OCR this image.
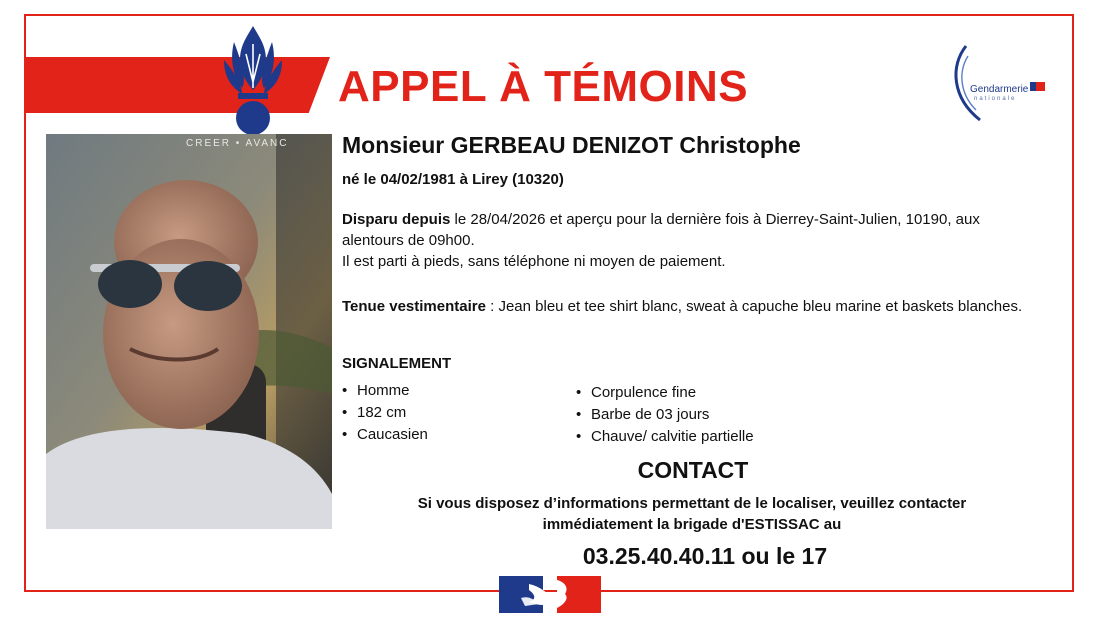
APPEL À TÉMOINS	Gendarmerie
nationale
CREER • AVANC Monsieur GERBEAU DENIZOT Christophe
né le 04/02/1981 à Lirey (10320)
Disparu depuis le 28/04/2026 et aperçu pour la dernière fois à Dierrey-Saint-Julien, 10190, aux alentours de 09h00.
Il est parti à pieds, sans téléphone ni moyen de paiement.
Tenue vestimentaire : Jean bleu et tee shirt blanc, sweat à capuche bleu marine et baskets blanches.
SIGNALEMENT
• Homme
• 182 cm
• Caucasien
• Corpulence fine
• Barbe de 03 jours
• Chauve/ calvitie partielle
CONTACT
Si vous disposez d’informations permettant de le localiser, veuillez contacter immédiatement la brigade d'ESTISSAC au
03.25.40.40.11 ou le 17
